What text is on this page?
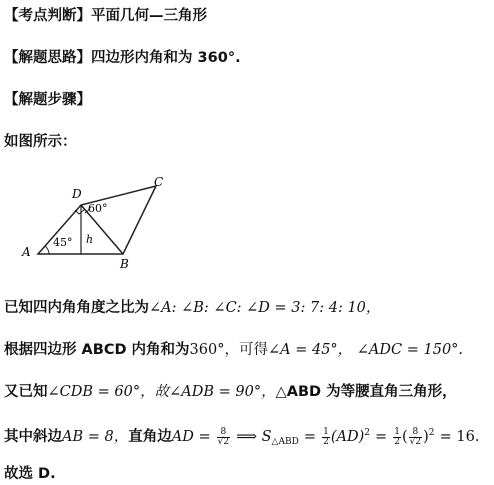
【考点判断】平面几何—三角形
【解题思路】四边形内角和为 360°.
【解题步骤】
如图所示：
A
B
C
D
45°
60°
h
已知四内角角度之比为∠A: ∠B: ∠C: ∠D = 3: 7: 4: 10，
根据四边形 ABCD 内角和为360°，可得∠A = 45°， ∠ADC = 150°.
又已知∠CDB = 60°，故∠ADB = 90°，△ABD 为等腰直角三角形，
其中斜边AB = 8，直角边AD = $\frac{8}{√2}$ ⟹ $S_{\triangle ABD} = \frac{1}{2} (AD)^2 = \frac{1}{2}$ ( $\frac{8}{√2} )^2 = 16$.
故选 D.
